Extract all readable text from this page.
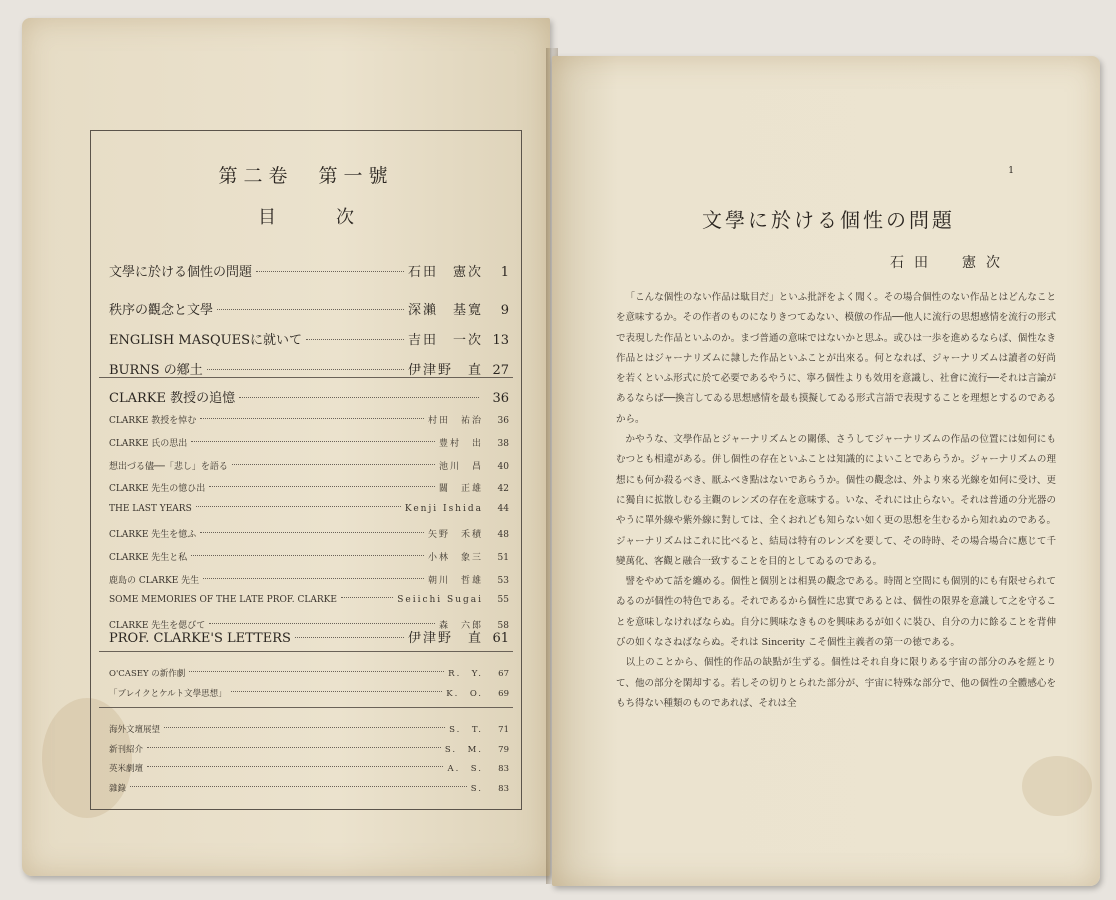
第二卷　第一號
目次
文學に於ける個性の問題	石田　憲次	1
秩序の觀念と文學	深瀨　基寛	9
ENGLISH MASQUESに就いて	吉田　一次 13
BURNS の鄕土	伊津野　直 27
CLARKE 教授の追憶	36
CLARKE 教授を悼む	村田　祐治	36
CLARKE 氏の思出	豊村　出	38
想出づる儘──「悲し」を語る	池川　昌	40
CLARKE 先生の憶ひ出	關　正雄	42
THE LAST YEARS	Kenji Ishida	44
CLARKE 先生を憶ふ	矢野　禾積	48
CLARKE 先生と私	小林　象三	51
鹿島の CLARKE 先生	朝川　哲雄	53
SOME MEMORIES OF THE LATE PROF. CLARKE	Seiichi Sugai	55
CLARKE 先生を偲びて	森　六郎	58
PROF. CLARKE'S LETTERS	伊津野　直 61
O'CASEY の新作劇	R.　Y.	67
「ブレイクとケルト文學思想」	K.　O.	69
海外文壇展望	S.　T.	71
新刊紹介	S.　M.	79
英米劇壇	A.　S.	83
雜錄	S.	83
1
文學に於ける個性の問題
石田　憲次

「こんな個性のない作品は駄目だ」といふ批評をよく聞く。その場合個性のない作品とはどんなことを意味するか。その作者のものになりきつてゐない、模倣の作品──他人に流行の思想感情を流行の形式で表現した作品といふのか。まづ普通の意味ではないかと思ふ。或ひは一歩を進めるならば、個性なき作品とはジャーナリズムに隷した作品といふことが出來る。何となれば、ジャーナリズムは讀者の好尚を若くといふ形式に於て必要であるやうに、寧ろ個性よりも效用を意識し、社會に流行──それは言論があるならば──換言してゐる思想感情を最も摸擬してゐる形式言語で表現することを理想とするのであるから。

かやうな、文學作品とジャーナリズムとの關係、さうしてジャーナリズムの作品の位置には如何にもむつとも相違がある。併し個性の存在といふことは知識的によいことであらうか。ジャーナリズムの理想にも何か殺るべき、厭ふべき點はないであらうか。個性の觀念は、外より來る光線を如何に受け、更に獨自に拡散しむる主觀のレンズの存在を意味する。いな、それには止らない。それは普通の分光器のやうに單外線や紫外線に對しては、全くおれども知らない如く更の思想を生むるから知れぬのである。ジャーナリズムはこれに比べると、結局は特有のレンズを要して、その時時、その場合場合に應じて千變萬化、客觀と融合一致することを目的としてゐるのである。

譬をやめて話を纏める。個性と個別とは相異の觀念である。時間と空間にも個別的にも有限せられてゐるのが個性の特色である。それであるから個性に忠實であるとは、個性の限界を意識して之を守ることを意味しなければならぬ。自分に興味なきものを興味あるが如くに裝ひ、自分の力に餘ることを背伸びの如くなさねばならぬ。それは Sincerity こそ個性主義者の第一の徳である。

以上のことから、個性的作品の缺點が生ずる。個性はそれ自身に限りある宇宙の部分のみを經とりて、他の部分を閑却する。若しその切りとられた部分が、宇宙に特殊な部分で、他の個性の全體感心をもち得ない種類のものであれば、それは全
